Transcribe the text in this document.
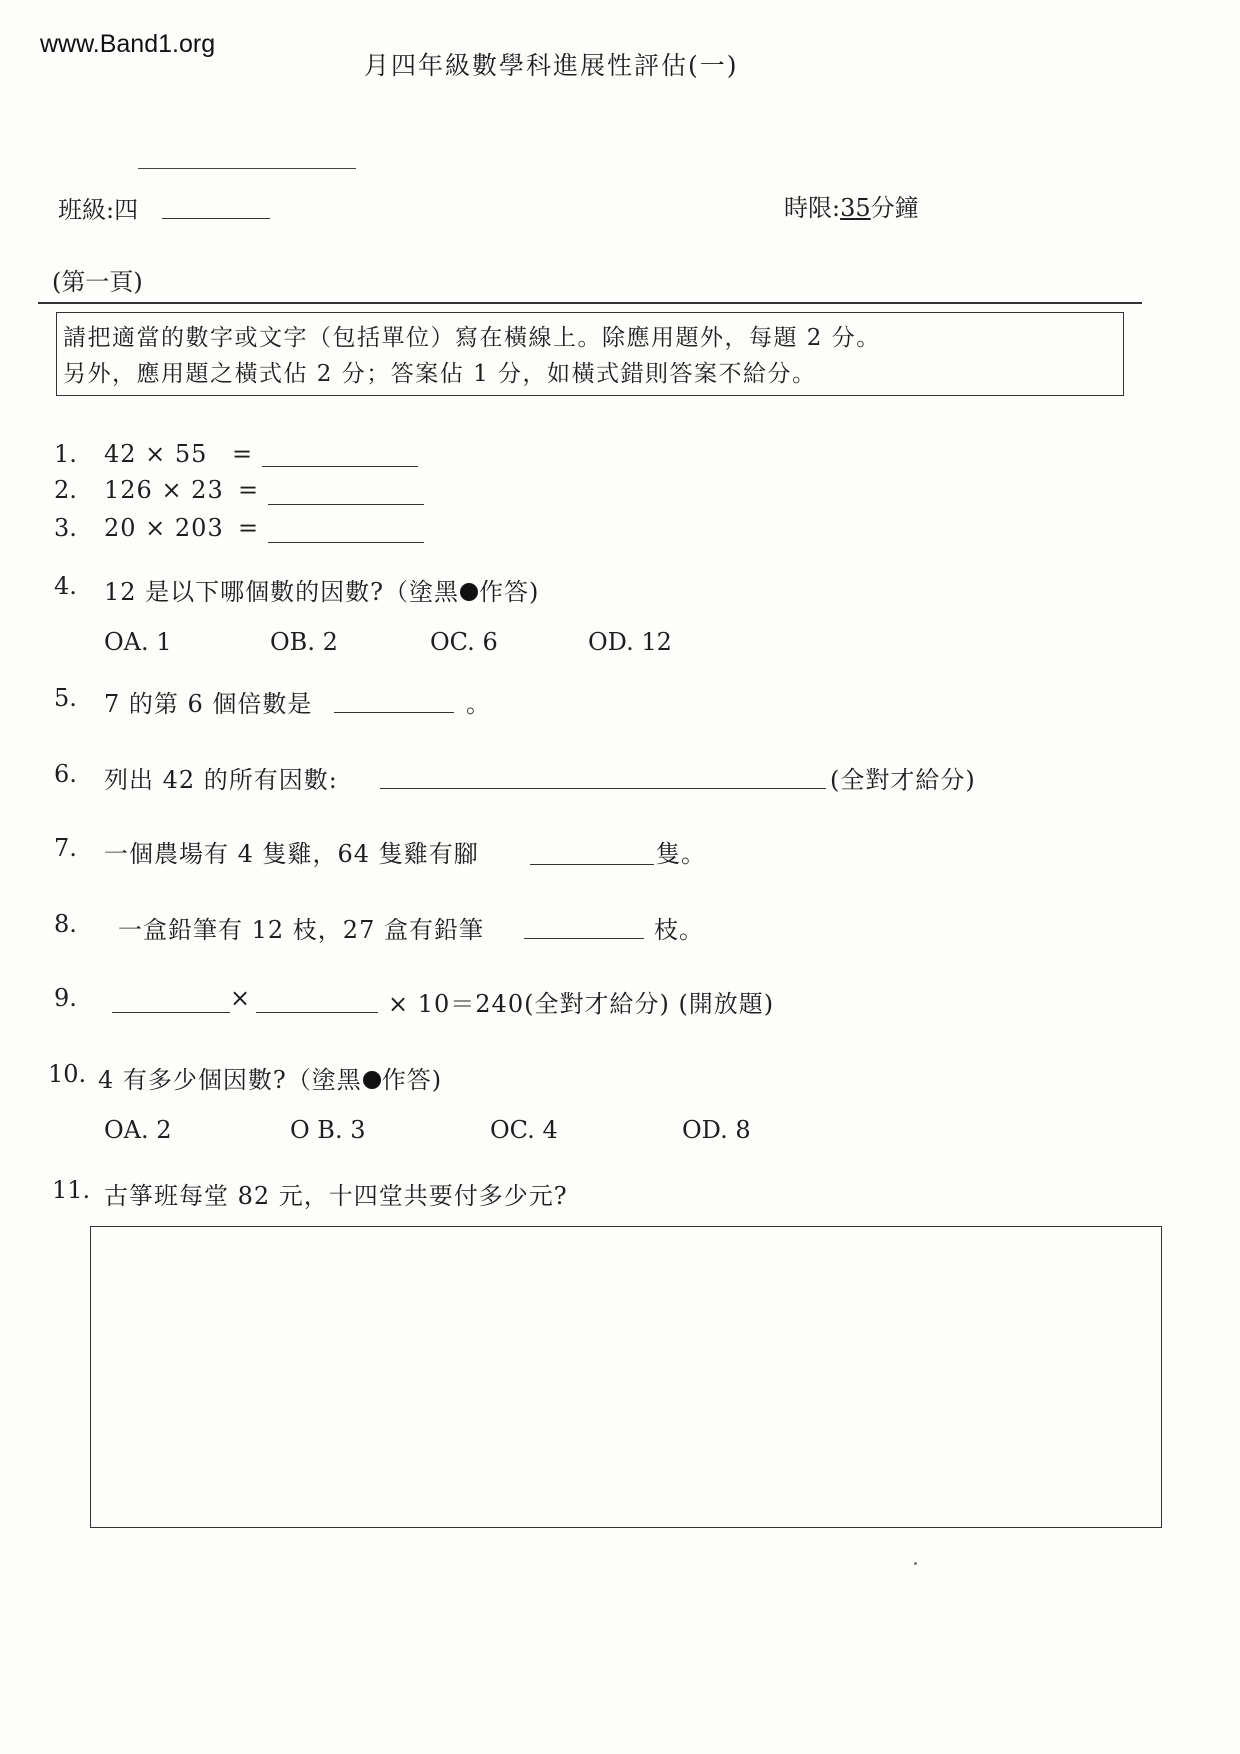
www.Band1.org
月四年級數學科進展性評估(一)
班級:四	時限:35分鐘
(第一頁)
請把適當的數字或文字（包括單位）寫在橫線上。除應用題外，每題 2 分。
另外，應用題之橫式佔 2 分；答案佔 1 分，如橫式錯則答案不給分。
1. 42 × 55 =
2. 126 × 23 =
3. 20 × 203 =
4. 12 是以下哪個數的因數?（塗黑 作答)
OA. 1	OB. 2	OC. 6	OD. 12
5. 7 的第 6 個倍數是	。
6. 列出 42 的所有因數:	(全對才給分)
7. 一個農場有 4 隻雞，64 隻雞有腳	隻。
8. 一盒鉛筆有 12 枝，27 盒有鉛筆	枝。
9.	×	× 10＝240(全對才給分) (開放題)
10. 4 有多少個因數?（塗黑 作答)
OA. 2	O B. 3	OC. 4	OD. 8
11. 古箏班每堂 82 元，十四堂共要付多少元?
